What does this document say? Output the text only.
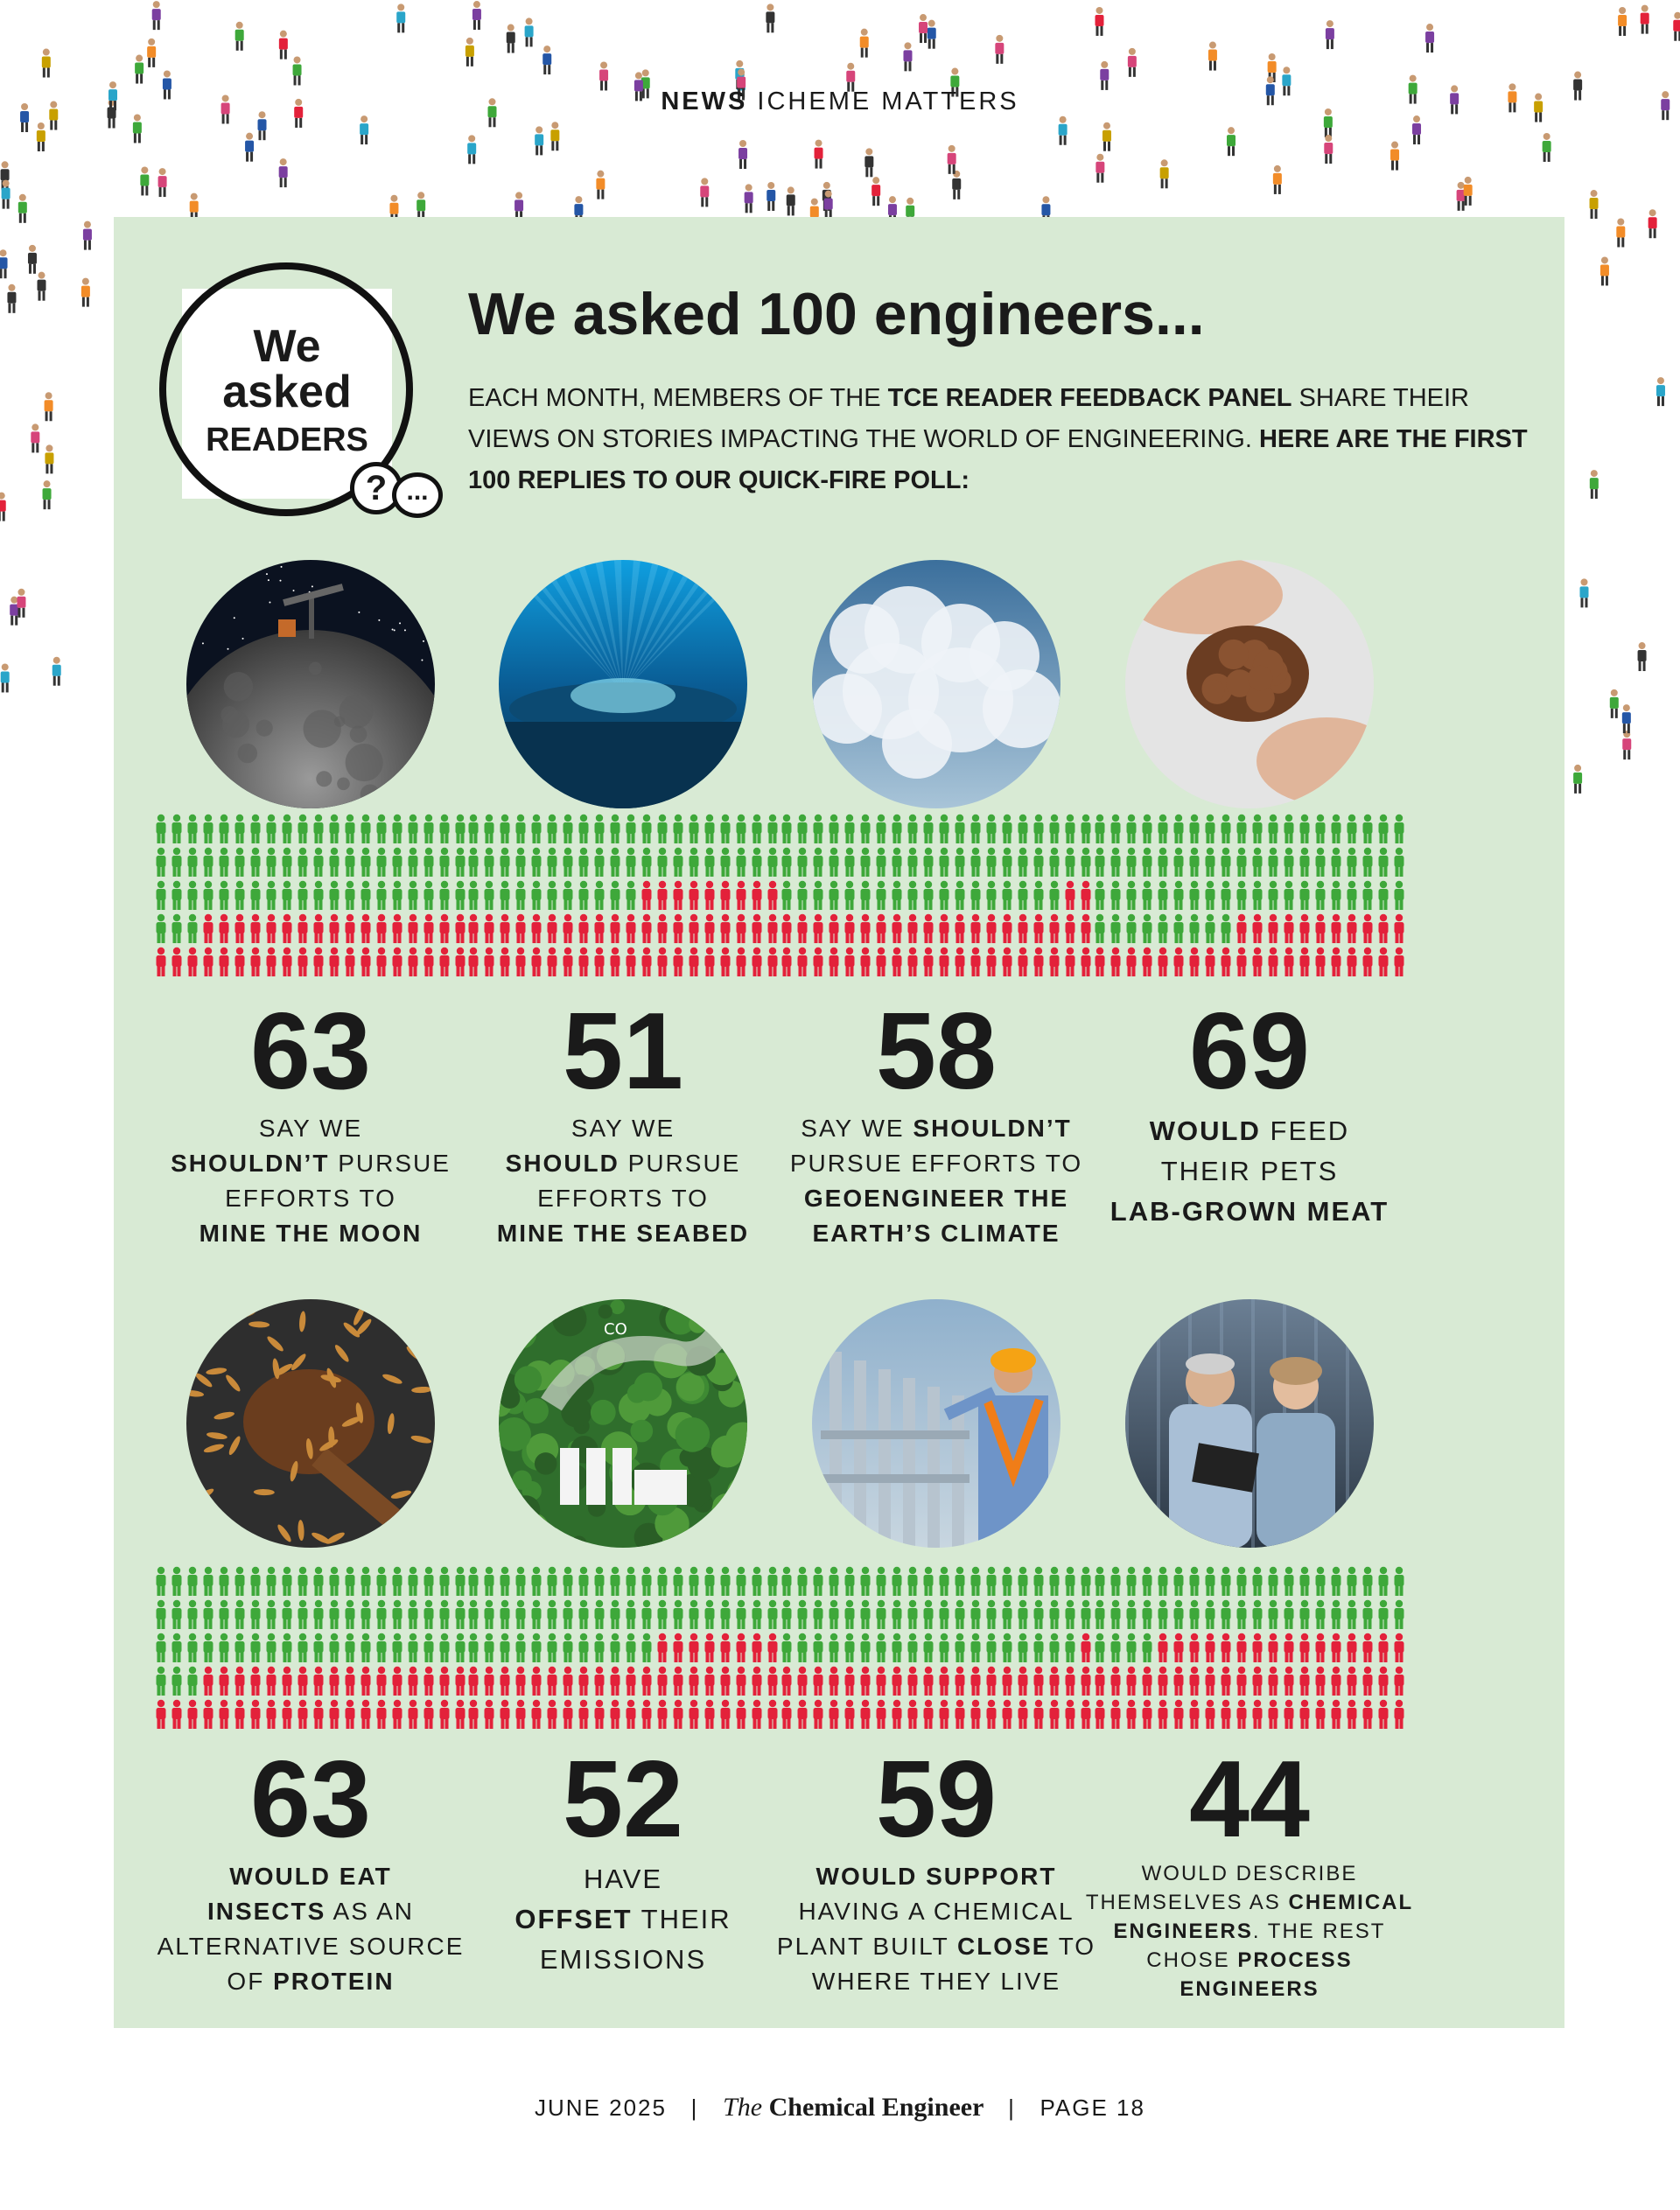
NEWS ICHEME MATTERS
We
asked
READERS
? ...
We asked 100 engineers...
EACH MONTH, MEMBERS OF THE TCE READER FEEDBACK PANEL SHARE THEIR VIEWS ON STORIES IMPACTING THE WORLD OF ENGINEERING. HERE ARE THE FIRST 100 REPLIES TO OUR QUICK-FIRE POLL:
63
SAY WE
SHOULDN’T PURSUE
EFFORTS TO
MINE THE MOON
51
SAY WE
SHOULD PURSUE
EFFORTS TO
MINE THE SEABED
58
SAY WE SHOULDN’T
PURSUE EFFORTS TO
GEOENGINEER THE
EARTH’S CLIMATE
69
WOULD FEED
THEIR PETS
LAB-GROWN MEAT
63
WOULD EAT
INSECTS AS AN
ALTERNATIVE SOURCE
OF PROTEIN
CO
52
HAVE
OFFSET THEIR
EMISSIONS
59
WOULD SUPPORT
HAVING A CHEMICAL
PLANT BUILT CLOSE TO
WHERE THEY LIVE
44
WOULD DESCRIBE
THEMSELVES AS CHEMICAL
ENGINEERS. THE REST
CHOSE PROCESS
ENGINEERS
JUNE 2025 | The Chemical Engineer | PAGE 18
